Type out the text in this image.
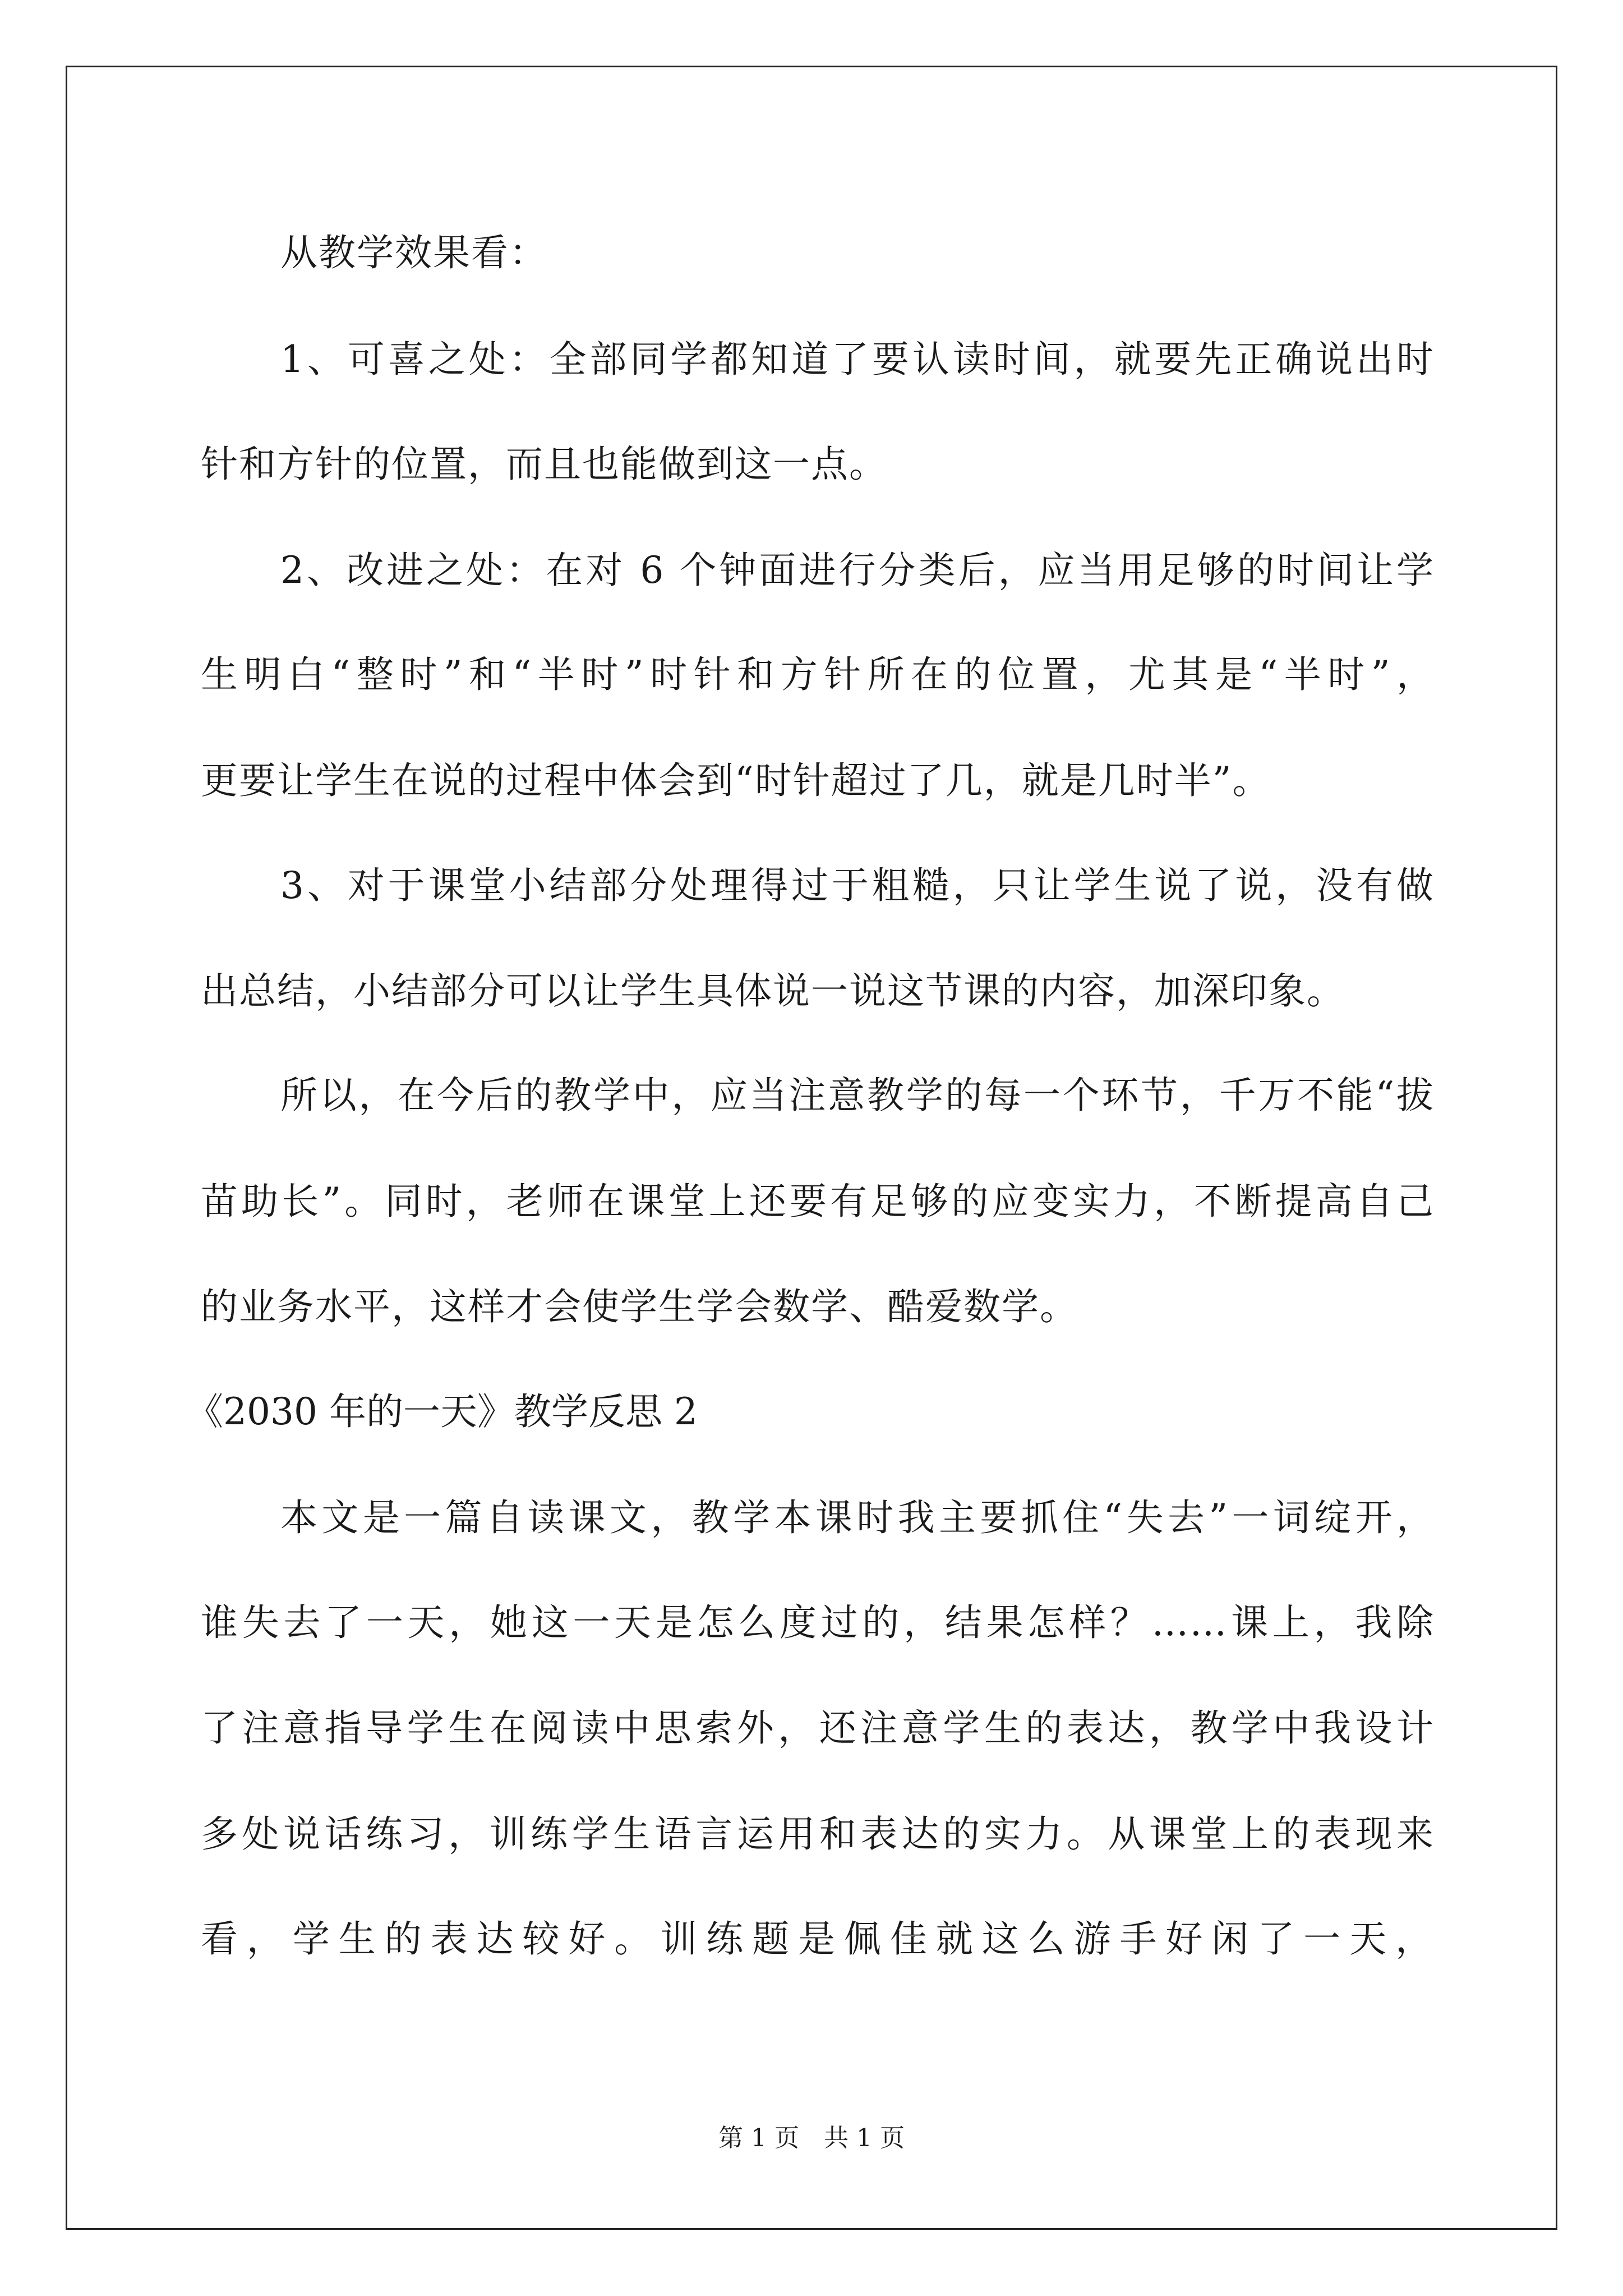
从教学效果看：
1、可喜之处：全部同学都知道了要认读时间，就要先正确说出时
针和方针的位置，而且也能做到这一点。
2、改进之处：在对 6 个钟面进行分类后，应当用足够的时间让学
生明白“整时”和“半时”时针和方针所在的位置，尤其是“半时”，
更要让学生在说的过程中体会到“时针超过了几，就是几时半”。
3、对于课堂小结部分处理得过于粗糙，只让学生说了说，没有做
出总结，小结部分可以让学生具体说一说这节课的内容，加深印象。
所以，在今后的教学中，应当注意教学的每一个环节，千万不能“拔
苗助长”。同时，老师在课堂上还要有足够的应变实力，不断提高自己
的业务水平，这样才会使学生学会数学、酷爱数学。
本文是一篇自读课文，教学本课时我主要抓住“失去”一词绽开，
谁失去了一天，她这一天是怎么度过的，结果怎样？……课上，我除
了注意指导学生在阅读中思索外，还注意学生的表达，教学中我设计
多处说话练习，训练学生语言运用和表达的实力。从课堂上的表现来
看，学生的表达较好。训练题是佩佳就这么游手好闲了一天，
《2030 年的一天》教学反思 2
第 1 页　共 1 页
